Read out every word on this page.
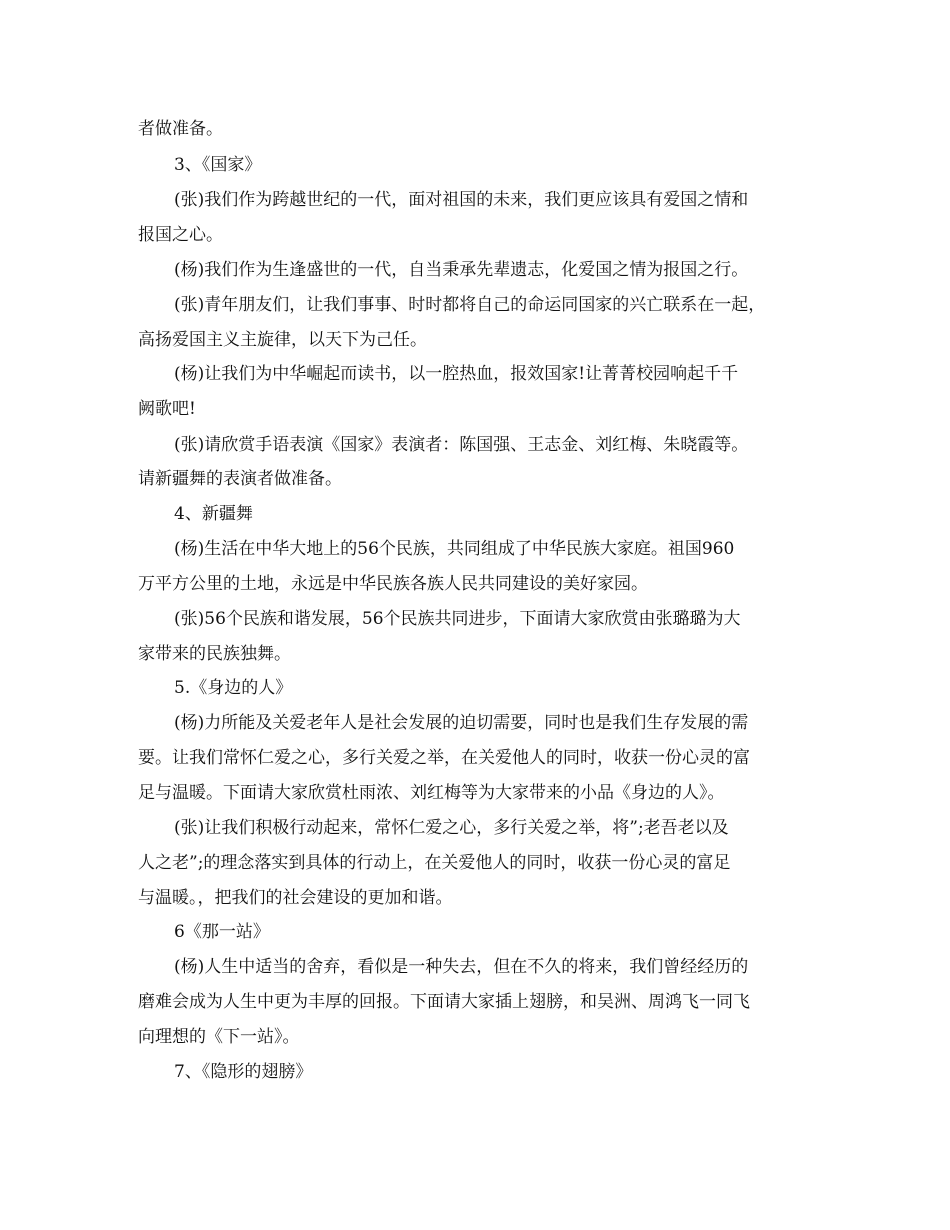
者做准备。
3、《国家》
(张)我们作为跨越世纪的一代，面对祖国的未来，我们更应该具有爱国之情和
报国之心。
(杨)我们作为生逢盛世的一代，自当秉承先辈遗志，化爱国之情为报国之行。
(张)青年朋友们，让我们事事、时时都将自己的命运同国家的兴亡联系在一起，
高扬爱国主义主旋律，以天下为己任。
(杨)让我们为中华崛起而读书，以一腔热血，报效国家!让菁菁校园响起千千
阙歌吧!
(张)请欣赏手语表演《国家》表演者：陈国强、王志金、刘红梅、朱晓霞等。
请新疆舞的表演者做准备。
4、新疆舞
(杨)生活在中华大地上的56个民族，共同组成了中华民族大家庭。祖国960
万平方公里的土地，永远是中华民族各族人民共同建设的美好家园。
(张)56个民族和谐发展，56个民族共同进步，下面请大家欣赏由张璐璐为大
家带来的民族独舞。
5.《身边的人》
(杨)力所能及关爱老年人是社会发展的迫切需要，同时也是我们生存发展的需
要。让我们常怀仁爱之心，多行关爱之举，在关爱他人的同时，收获一份心灵的富
足与温暖。下面请大家欣赏杜雨浓、刘红梅等为大家带来的小品《身边的人》。
(张)让我们积极行动起来，常怀仁爱之心，多行关爱之举，将”;老吾老以及
人之老”;的理念落实到具体的行动上，在关爱他人的同时，收获一份心灵的富足
与温暖。，把我们的社会建设的更加和谐。
6《那一站》
(杨)人生中适当的舍弃，看似是一种失去，但在不久的将来，我们曾经经历的
磨难会成为人生中更为丰厚的回报。下面请大家插上翅膀，和吴洲、周鸿飞一同飞
向理想的《下一站》。
7、《隐形的翅膀》
